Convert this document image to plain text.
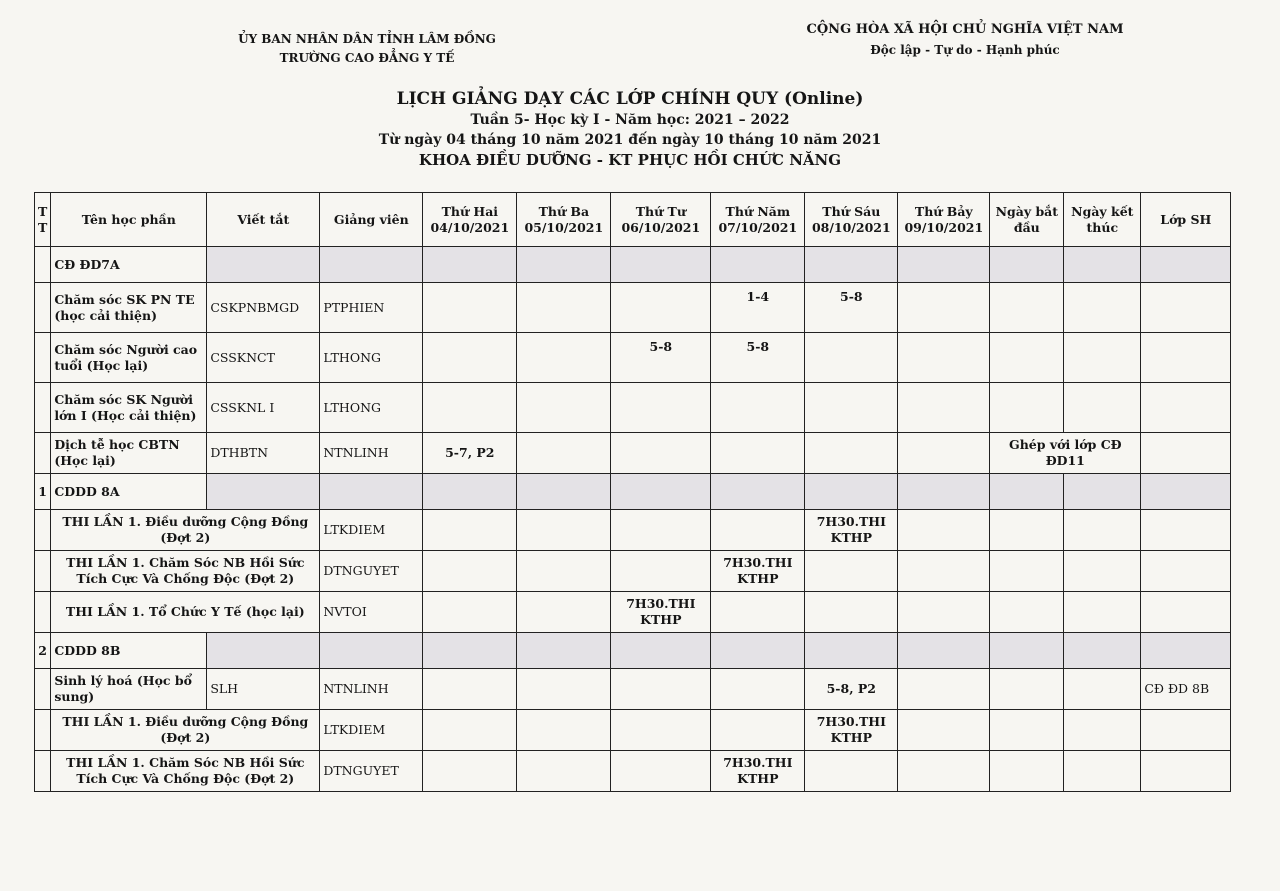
ỦY BAN NHÂN DÂN TỈNH LÂM ĐỒNG
TRƯỜNG CAO ĐẲNG Y TẾ
CỘNG HÒA XÃ HỘI CHỦ NGHĨA VIỆT NAM
Độc lập - Tự do - Hạnh phúc
LỊCH GIẢNG DẠY CÁC LỚP CHÍNH QUY (Online)
Tuần 5- Học kỳ I - Năm học: 2021 – 2022
Từ ngày 04 tháng 10 năm 2021 đến ngày 10 tháng 10 năm 2021
KHOA ĐIỀU DƯỠNG - KT PHỤC HỒI CHỨC NĂNG
T T	Tên học phần	Viết tắt	Giảng viên	Thứ Hai 04/10/2021	Thứ Ba 05/10/2021	Thứ Tư 06/10/2021	Thứ Năm 07/10/2021	Thứ Sáu 08/10/2021	Thứ Bảy 09/10/2021	Ngày bắt đầu	Ngày kết thúc	Lớp SH
	CĐ ĐD7A											
	Chăm sóc SK PN TE (học cải thiện)	CSKPNBMGD	PTPHIEN				1-4	5-8				
	Chăm sóc Người cao tuổi (Học lại)	CSSKNCT	LTHONG			5-8	5-8					
	Chăm sóc SK Người lớn I (Học cải thiện)	CSSKNL I	LTHONG									
	Dịch tễ học CBTN (Học lại)	DTHBTN	NTNLINH	5-7, P2						Ghép với lớp CĐ ĐD11		
1	CDDD 8A											
	THI LẦN 1. Điều dưỡng Cộng Đồng (Đợt 2)		LTKDIEM					7H30.THI KTHP				
	THI LẦN 1. Chăm Sóc NB Hồi Sức Tích Cực Và Chống Độc (Đợt 2)		DTNGUYET				7H30.THI KTHP					
	THI LẦN 1. Tổ Chức Y Tế (học lại)		NVTOI			7H30.THI KTHP						
2	CDDD 8B											
	Sinh lý hoá (Học bổ sung)	SLH	NTNLINH					5-8, P2				CĐ ĐD 8B
	THI LẦN 1. Điều dưỡng Cộng Đồng (Đợt 2)		LTKDIEM					7H30.THI KTHP				
	THI LẦN 1. Chăm Sóc NB Hồi Sức Tích Cực Và Chống Độc (Đợt 2)		DTNGUYET				7H30.THI KTHP					
